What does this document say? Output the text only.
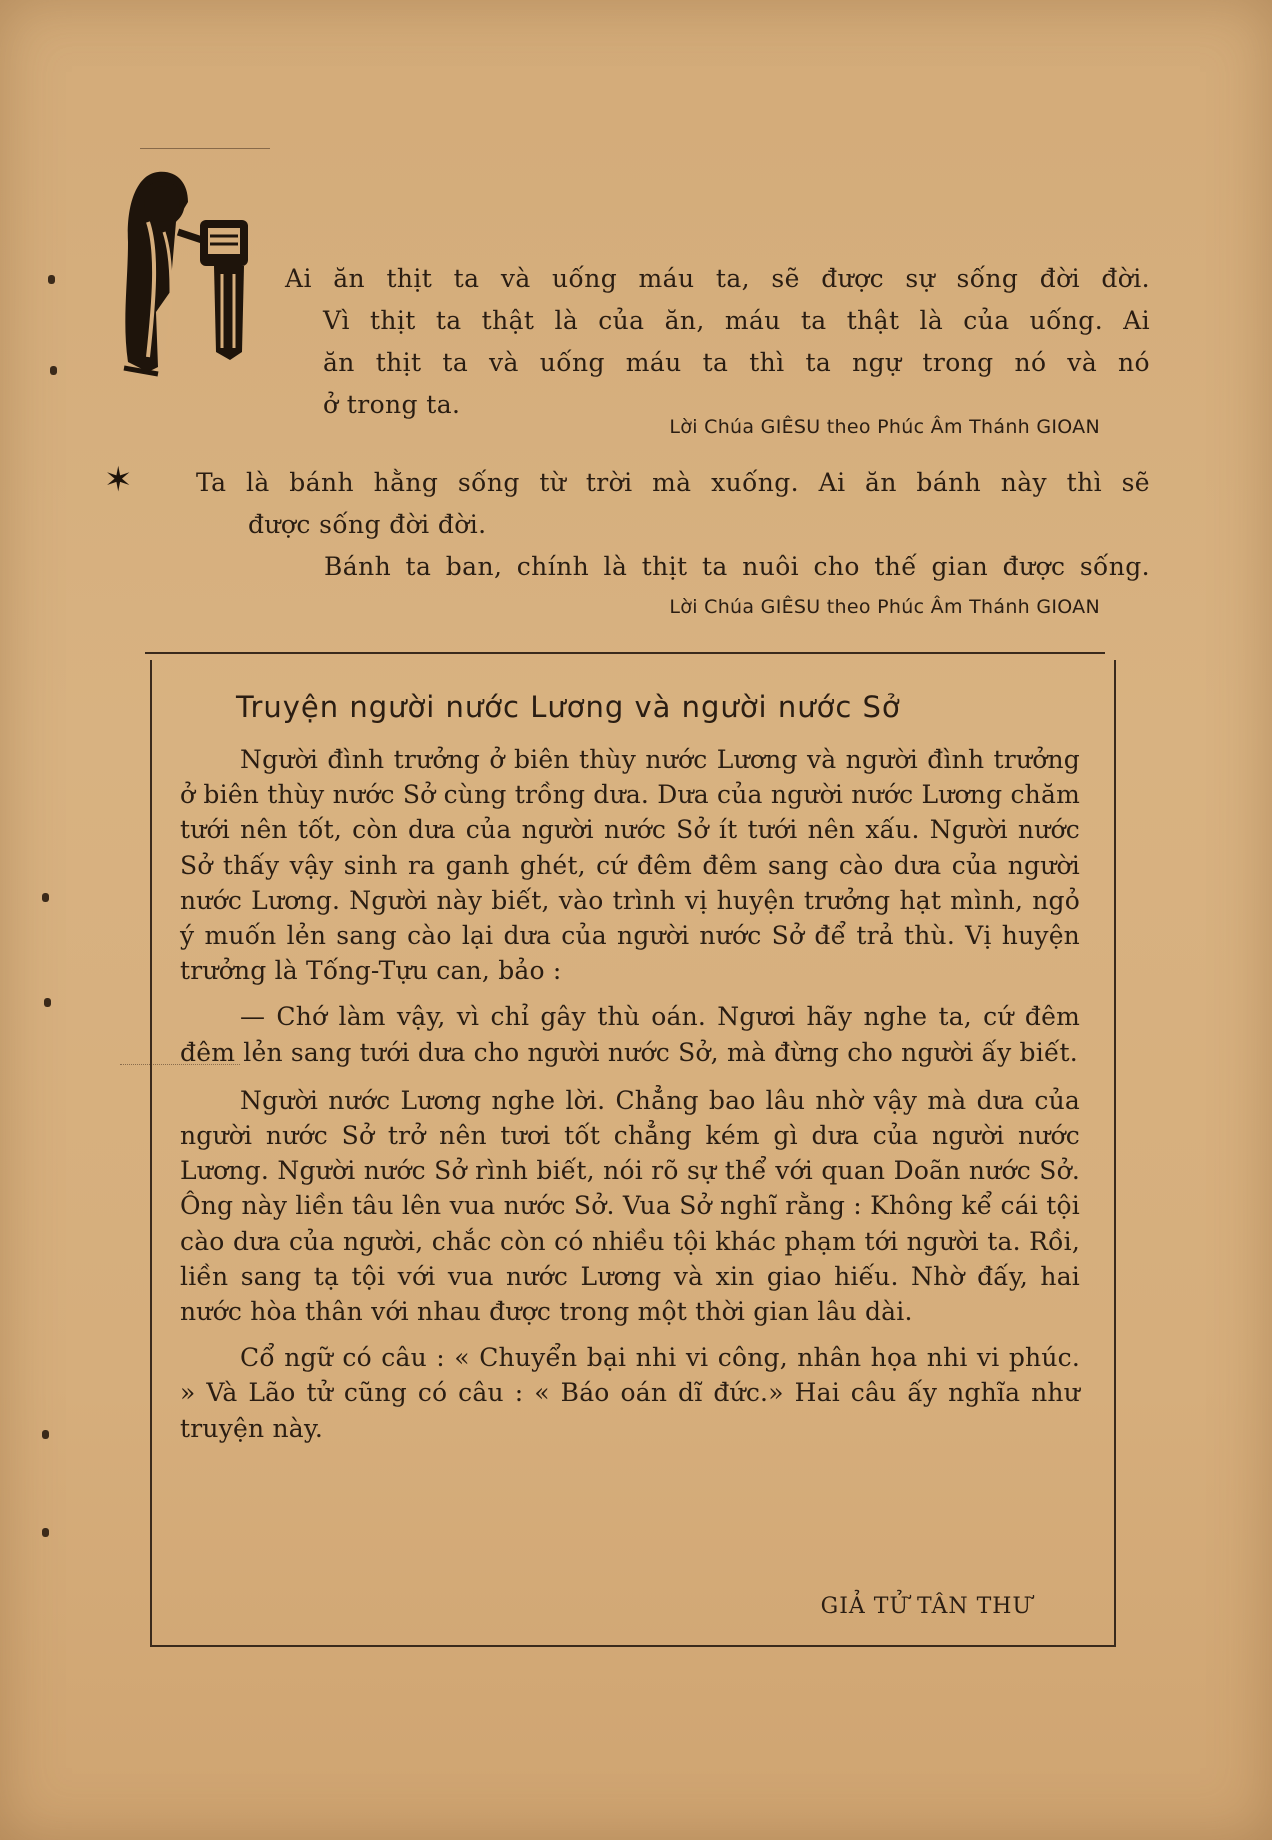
Ai ăn thịt ta và uống máu ta, sẽ được sự sống đời đời.

Vì thịt ta thật là của ăn, máu ta thật là của uống. Ai

ăn thịt ta và uống máu ta thì ta ngự trong nó và nó

ở trong ta.

Lời Chúa GIÊSU theo Phúc Âm Thánh GIOAN
✶	Ta là bánh hằng sống từ trời mà xuống. Ai ăn bánh này thì sẽ

được sống đời đời.

Bánh ta ban, chính là thịt ta nuôi cho thế gian được sống.

Lời Chúa GIÊSU theo Phúc Âm Thánh GIOAN
Truyện người nước Lương và người nước Sở

Người đình trưởng ở biên thùy nước Lương và người đình trưởng ở biên thùy nước Sở cùng trồng dưa. Dưa của người nước Lương chăm tưới nên tốt, còn dưa của người nước Sở ít tưới nên xấu. Người nước Sở thấy vậy sinh ra ganh ghét, cứ đêm đêm sang cào dưa của người nước Lương. Người này biết, vào trình vị huyện trưởng hạt mình, ngỏ ý muốn lẻn sang cào lại dưa của người nước Sở để trả thù. Vị huyện trưởng là Tống-Tựu can, bảo :

— Chớ làm vậy, vì chỉ gây thù oán. Ngươi hãy nghe ta, cứ đêm đêm lẻn sang tưới dưa cho người nước Sở, mà đừng cho người ấy biết.

Người nước Lương nghe lời. Chẳng bao lâu nhờ vậy mà dưa của người nước Sở trở nên tươi tốt chẳng kém gì dưa của người nước Lương. Người nước Sở rình biết, nói rõ sự thể với quan Doãn nước Sở. Ông này liền tâu lên vua nước Sở. Vua Sở nghĩ rằng : Không kể cái tội cào dưa của người, chắc còn có nhiều tội khác phạm tới người ta. Rồi, liền sang tạ tội với vua nước Lương và xin giao hiếu. Nhờ đấy, hai nước hòa thân với nhau được trong một thời gian lâu dài.

Cổ ngữ có câu : « Chuyển bại nhi vi công, nhân họa nhi vi phúc. » Và Lão tử cũng có câu : « Báo oán dĩ đức.» Hai câu ấy nghĩa như truyện này.

GIẢ TỬ TÂN THƯ
